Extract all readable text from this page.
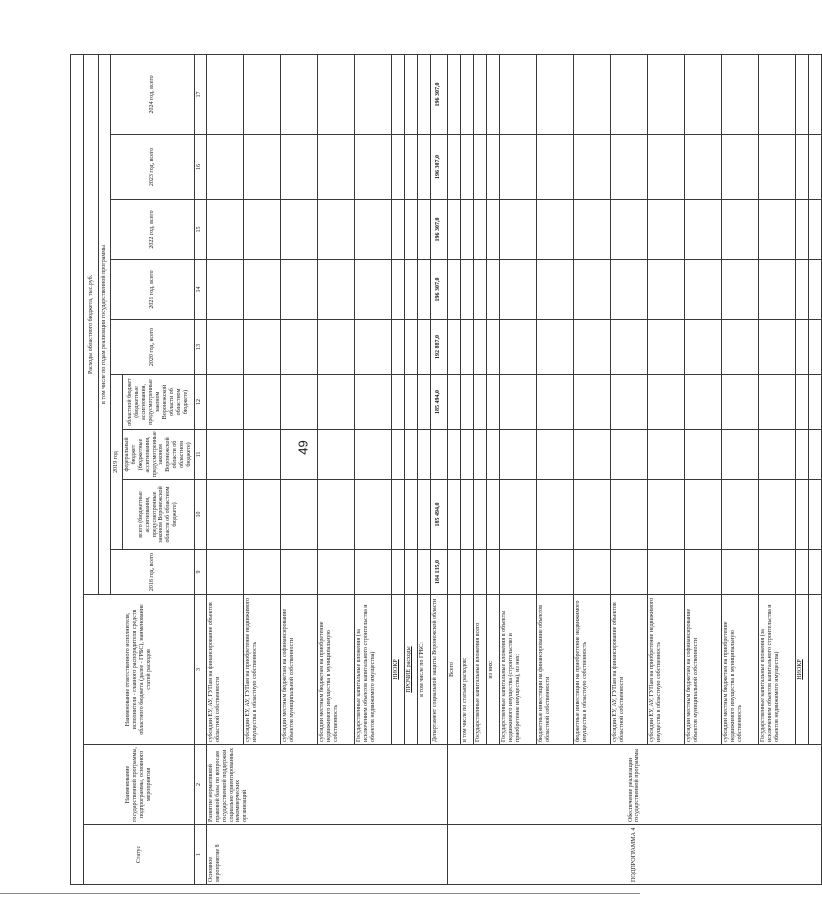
49

Статус	Наименование государственной программы, подпрограммы, основного мероприятия	Наименование ответственного исполнителя, исполнителя - главного распорядителя средств областного бюджета (далее - ГРБС), наименование статей расходов	Расходы областного бюджета, тыс.руб.								
			в том числе по годам реализации государственной программы								
			2018 год, всего	2019 год			2020 год, всего	2021 год, всего	2022 год, всего	2023 год, всего	2024 год, всего
				всего (бюджетные ассигнования, предусмотренные законом Воронежской области об областном бюджете)	федеральный бюджет (бюджетные ассигнования, предусмотренные законом Воронежской области об областном бюджете)	областной бюджет (бюджетные ассигнования, предусмотренные законом Воронежской области об областном бюджете)					
1	2	3	9	10	11	12	13	14	15	16	17
Основное мероприятие 8	Развитие нормативной правовой базы по вопросам государственной поддержки социально ориентированных некоммерческих организаций	субсидии ЕУ, АУ, ГУПам на финансирование объектов областной собственности									
		субсидии ЕУ, АУ, ГУПам на приобретение недвижимого имущества в областную собственность									
		субсидии местным бюджетам на софинансирование объектов муниципальной собственности									
		субсидии местным бюджетам на приобретение недвижимого имущества в муниципальную собственность									
		Государственные капитальные вложения (за исключением объектов капитального строительства и объектов недвижимого имущества)									

		НИОКР									

		ПРОЧИЕ расходы									

		в том числе по ГРБС:									
		Департамент социальной защиты Воронежской области	184 135,0	185 494,0		185 494,0	192 887,0	196 307,0	196 307,0	196 307,0	196 307,0
ПОДПРОГРАММА 4	Обеспечение реализации государственной программы	Всего									
		в том числе по статьям расходов:									
		Государственные капитальные вложения всего									
		из них:									
		Государственные капитальные вложения в объекты недвижимого имущества (строительство и приобретение имущества), из них:									
		бюджетные инвестиции на финансирование объектов областной собственности									
		бюджетные инвестиции на приобретение недвижимого имущества в областную собственность									
		субсидии ЕУ, АУ, ГУПам на финансирование объектов областной собственности									
		субсидии ЕУ, АУ, ГУПам на приобретение недвижимого имущества в областную собственность									
		субсидии местным бюджетам на софинансирование объектов муниципальной собственности									
		субсидии местным бюджетам на приобретение недвижимого имущества в муниципальную собственность									
		Государственные капитальные вложения (за исключением объектов капитального строительства и объектов недвижимого имущества)									

		НИОКР									
